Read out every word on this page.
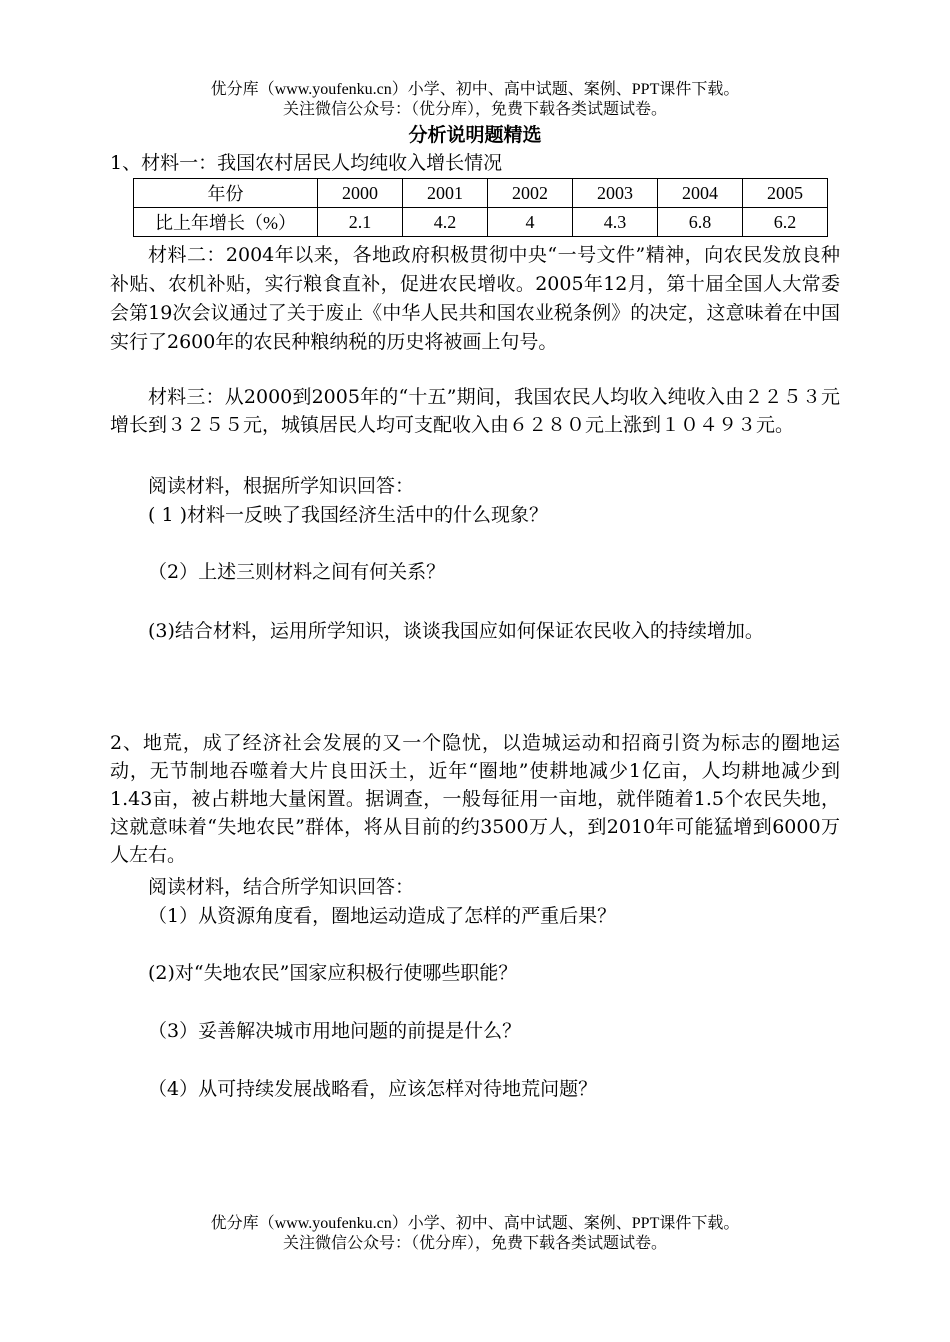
优分库（www.youfenku.cn）小学、初中、高中试题、案例、PPT课件下载。
关注微信公众号：（优分库），免费下载各类试题试卷。
分析说明题精选
1、材料一：我国农村居民人均纯收入增长情况
年份	2000	2001	2002	2003	2004	2005
比上年增长（%）	2.1	4.2	4	4.3	6.8	6.2
材料二：2004年以来，各地政府积极贯彻中央“一号文件”精神，向农民发放良种补贴、农机补贴，实行粮食直补，促进农民增收。2005年12月，第十届全国人大常委会第19次会议通过了关于废止《中华人民共和国农业税条例》的决定，这意味着在中国实行了2600年的农民种粮纳税的历史将被画上句号。
材料三：从2000到2005年的“十五”期间，我国农民人均收入纯收入由２２５３元增长到３２５５元，城镇居民人均可支配收入由６２８０元上涨到１０４９３元。
阅读材料，根据所学知识回答：
( 1 )材料一反映了我国经济生活中的什么现象？
（2）上述三则材料之间有何关系？
(3)结合材料，运用所学知识，谈谈我国应如何保证农民收入的持续增加。
2、地荒，成了经济社会发展的又一个隐忧，以造城运动和招商引资为标志的圈地运动，无节制地吞噬着大片良田沃土，近年“圈地”使耕地减少1亿亩，人均耕地减少到1.43亩，被占耕地大量闲置。据调查，一般每征用一亩地，就伴随着1.5个农民失地，这就意味着“失地农民”群体，将从目前的约3500万人，到2010年可能猛增到6000万人左右。
阅读材料，结合所学知识回答：
（1）从资源角度看，圈地运动造成了怎样的严重后果？
(2)对“失地农民”国家应积极行使哪些职能？
（3）妥善解决城市用地问题的前提是什么？
（4）从可持续发展战略看，应该怎样对待地荒问题？
优分库（www.youfenku.cn）小学、初中、高中试题、案例、PPT课件下载。
关注微信公众号：（优分库），免费下载各类试题试卷。
